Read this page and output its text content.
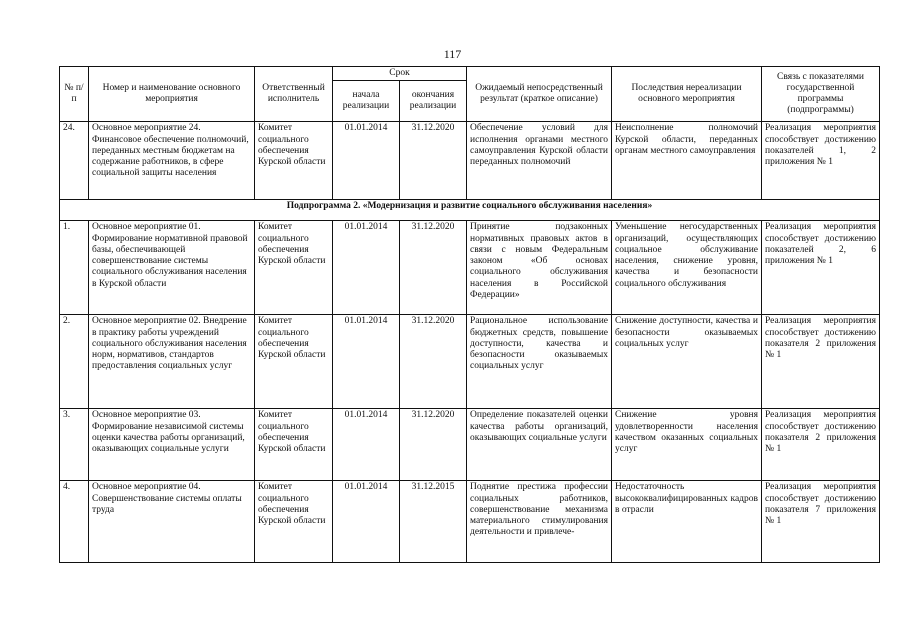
117
№ п/п	Номер и наименование основного мероприятия	Ответственный исполнитель	Срок		Ожидаемый непосредственный результат (краткое описание)	Последствия нереализации основного мероприятия	Связь с показателями государственной программы (подпрограммы)
			начала реализации	окончания реализации			
24.	Основное мероприятие 24. Финансовое обеспечение полномочий, переданных местным бюджетам на содержание работников, в сфере социальной защиты населения	Комитет социального обеспечения Курской области	01.01.2014	31.12.2020	Обеспечение условий для исполнения органами местного самоуправления Курской области переданных полномочий	Неисполнение полномочий Курской области, переданных органам местного самоуправления	Реализация мероприятия способствует достижению показателей 1, 2 приложения № 1
Подпрограмма 2. «Модернизация и развитие социального обслуживания населения»							
1.	Основное мероприятие 01. Формирование нормативной правовой базы, обеспечивающей совершенствование системы социального обслуживания населения в Курской области	Комитет социального обеспечения Курской области	01.01.2014	31.12.2020	Принятие подзаконных нормативных правовых актов в связи с новым Федеральным законом «Об основах социального обслуживания населения в Российской Федерации»	Уменьшение негосударственных организаций, осуществляющих социальное обслуживание населения, снижение уровня, качества и безопасности социального обслуживания	Реализация мероприятия способствует достижению показателей 2, 6 приложения № 1
2.	Основное мероприятие 02. Внедрение в практику работы учреждений социального обслуживания населения норм, нормативов, стандартов предоставления социальных услуг	Комитет социального обеспечения Курской области	01.01.2014	31.12.2020	Рациональное использование бюджетных средств, повышение доступности, качества и безопасности оказываемых социальных услуг	Снижение доступности, качества и безопасности оказываемых социальных услуг	Реализация мероприятия способствует достижению показателя 2 приложения № 1
3.	Основное мероприятие 03. Формирование независимой системы оценки качества работы организаций, оказывающих социальные услуги	Комитет социального обеспечения Курской области	01.01.2014	31.12.2020	Определение показателей оценки качества работы организаций, оказывающих социальные услуги	Снижение уровня удовлетворенности населения качеством оказанных социальных услуг	Реализация мероприятия способствует достижению показателя 2 приложения № 1
4.	Основное мероприятие 04. Совершенствование системы оплаты труда	Комитет социального обеспечения Курской области	01.01.2014	31.12.2015	Поднятие престижа профессии социальных работников, совершенствование механизма материального стимулирования деятельности и привлече-	Недостаточность высококвалифицированных кадров в отрасли	Реализация мероприятия способствует достижению показателя 7 приложения № 1
